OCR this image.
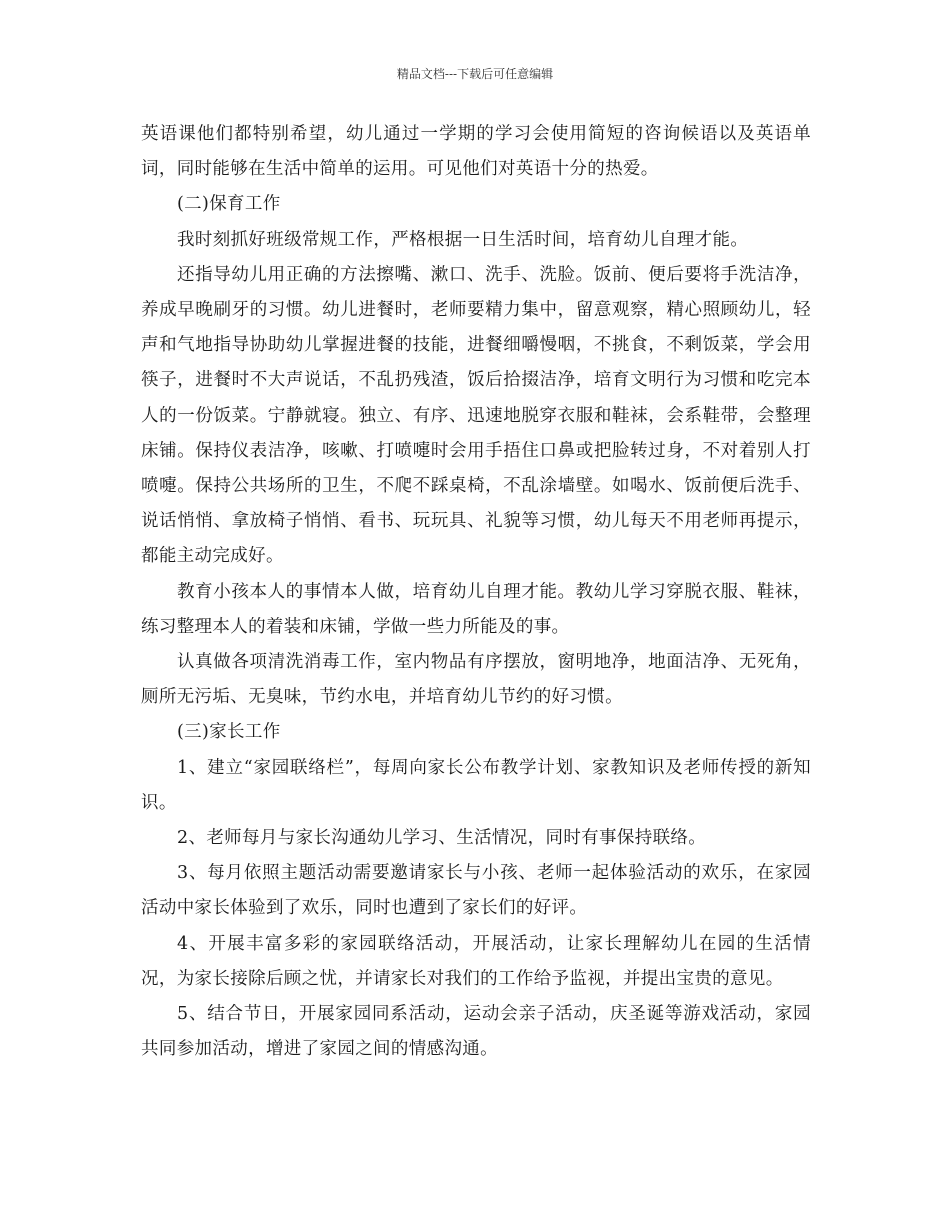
精品文档---下载后可任意编辑

英语课他们都特别希望，幼儿通过一学期的学习会使用简短的咨询候语以及英语单词，同时能够在生活中简单的运用。可见他们对英语十分的热爱。

(二)保育工作

我时刻抓好班级常规工作，严格根据一日生活时间，培育幼儿自理才能。

还指导幼儿用正确的方法擦嘴、漱口、洗手、洗脸。饭前、便后要将手洗洁净，养成早晚刷牙的习惯。幼儿进餐时，老师要精力集中，留意观察，精心照顾幼儿，轻声和气地指导协助幼儿掌握进餐的技能，进餐细嚼慢咽，不挑食，不剩饭菜，学会用筷子，进餐时不大声说话，不乱扔残渣，饭后拾掇洁净，培育文明行为习惯和吃完本人的一份饭菜。宁静就寝。独立、有序、迅速地脱穿衣服和鞋袜，会系鞋带，会整理床铺。保持仪表洁净，咳嗽、打喷嚏时会用手捂住口鼻或把脸转过身，不对着别人打喷嚏。保持公共场所的卫生，不爬不踩桌椅，不乱涂墙壁。如喝水、饭前便后洗手、说话悄悄、拿放椅子悄悄、看书、玩玩具、礼貌等习惯，幼儿每天不用老师再提示，都能主动完成好。

教育小孩本人的事情本人做，培育幼儿自理才能。教幼儿学习穿脱衣服、鞋袜，练习整理本人的着装和床铺，学做一些力所能及的事。

认真做各项清洗消毒工作，室内物品有序摆放，窗明地净，地面洁净、无死角，厕所无污垢、无臭味，节约水电，并培育幼儿节约的好习惯。

(三)家长工作

1、建立“家园联络栏”，每周向家长公布教学计划、家教知识及老师传授的新知识。

2、老师每月与家长沟通幼儿学习、生活情况，同时有事保持联络。

3、每月依照主题活动需要邀请家长与小孩、老师一起体验活动的欢乐，在家园活动中家长体验到了欢乐，同时也遭到了家长们的好评。

4、开展丰富多彩的家园联络活动，开展活动，让家长理解幼儿在园的生活情况，为家长接除后顾之忧，并请家长对我们的工作给予监视，并提出宝贵的意见。

5、结合节日，开展家园同系活动，运动会亲子活动，庆圣诞等游戏活动，家园共同参加活动，增进了家园之间的情感沟通。
